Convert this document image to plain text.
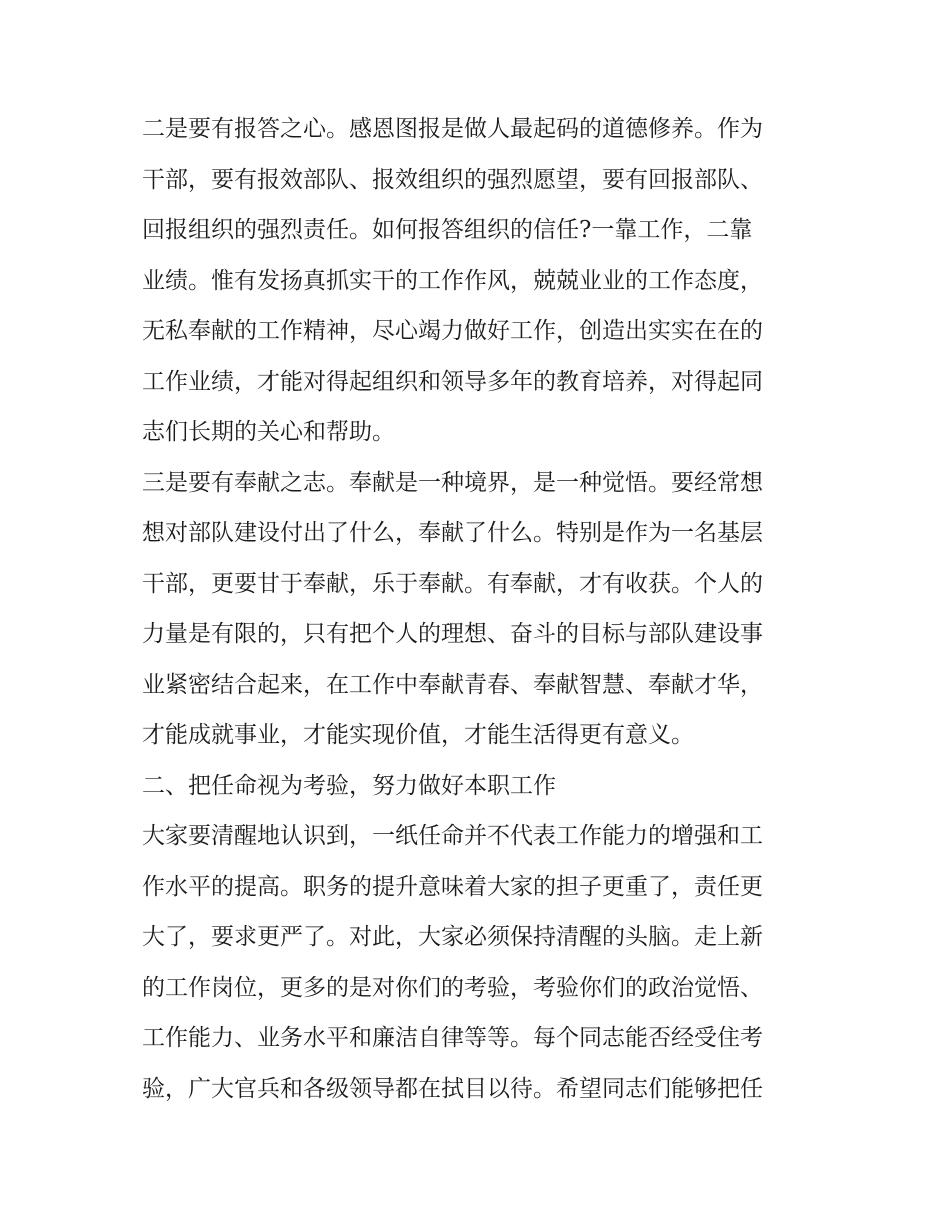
二是要有报答之心。感恩图报是做人最起码的道德修养。作为
干部，要有报效部队、报效组织的强烈愿望，要有回报部队、
回报组织的强烈责任。如何报答组织的信任?一靠工作，二靠
业绩。惟有发扬真抓实干的工作作风，兢兢业业的工作态度，
无私奉献的工作精神，尽心竭力做好工作，创造出实实在在的
工作业绩，才能对得起组织和领导多年的教育培养，对得起同
志们长期的关心和帮助。
三是要有奉献之志。奉献是一种境界，是一种觉悟。要经常想
想对部队建设付出了什么，奉献了什么。特别是作为一名基层
干部，更要甘于奉献，乐于奉献。有奉献，才有收获。个人的
力量是有限的，只有把个人的理想、奋斗的目标与部队建设事
业紧密结合起来，在工作中奉献青春、奉献智慧、奉献才华，
才能成就事业，才能实现价值，才能生活得更有意义。
二、把任命视为考验，努力做好本职工作
大家要清醒地认识到，一纸任命并不代表工作能力的增强和工
作水平的提高。职务的提升意味着大家的担子更重了，责任更
大了，要求更严了。对此，大家必须保持清醒的头脑。走上新
的工作岗位，更多的是对你们的考验，考验你们的政治觉悟、
工作能力、业务水平和廉洁自律等等。每个同志能否经受住考
验，广大官兵和各级领导都在拭目以待。希望同志们能够把任
